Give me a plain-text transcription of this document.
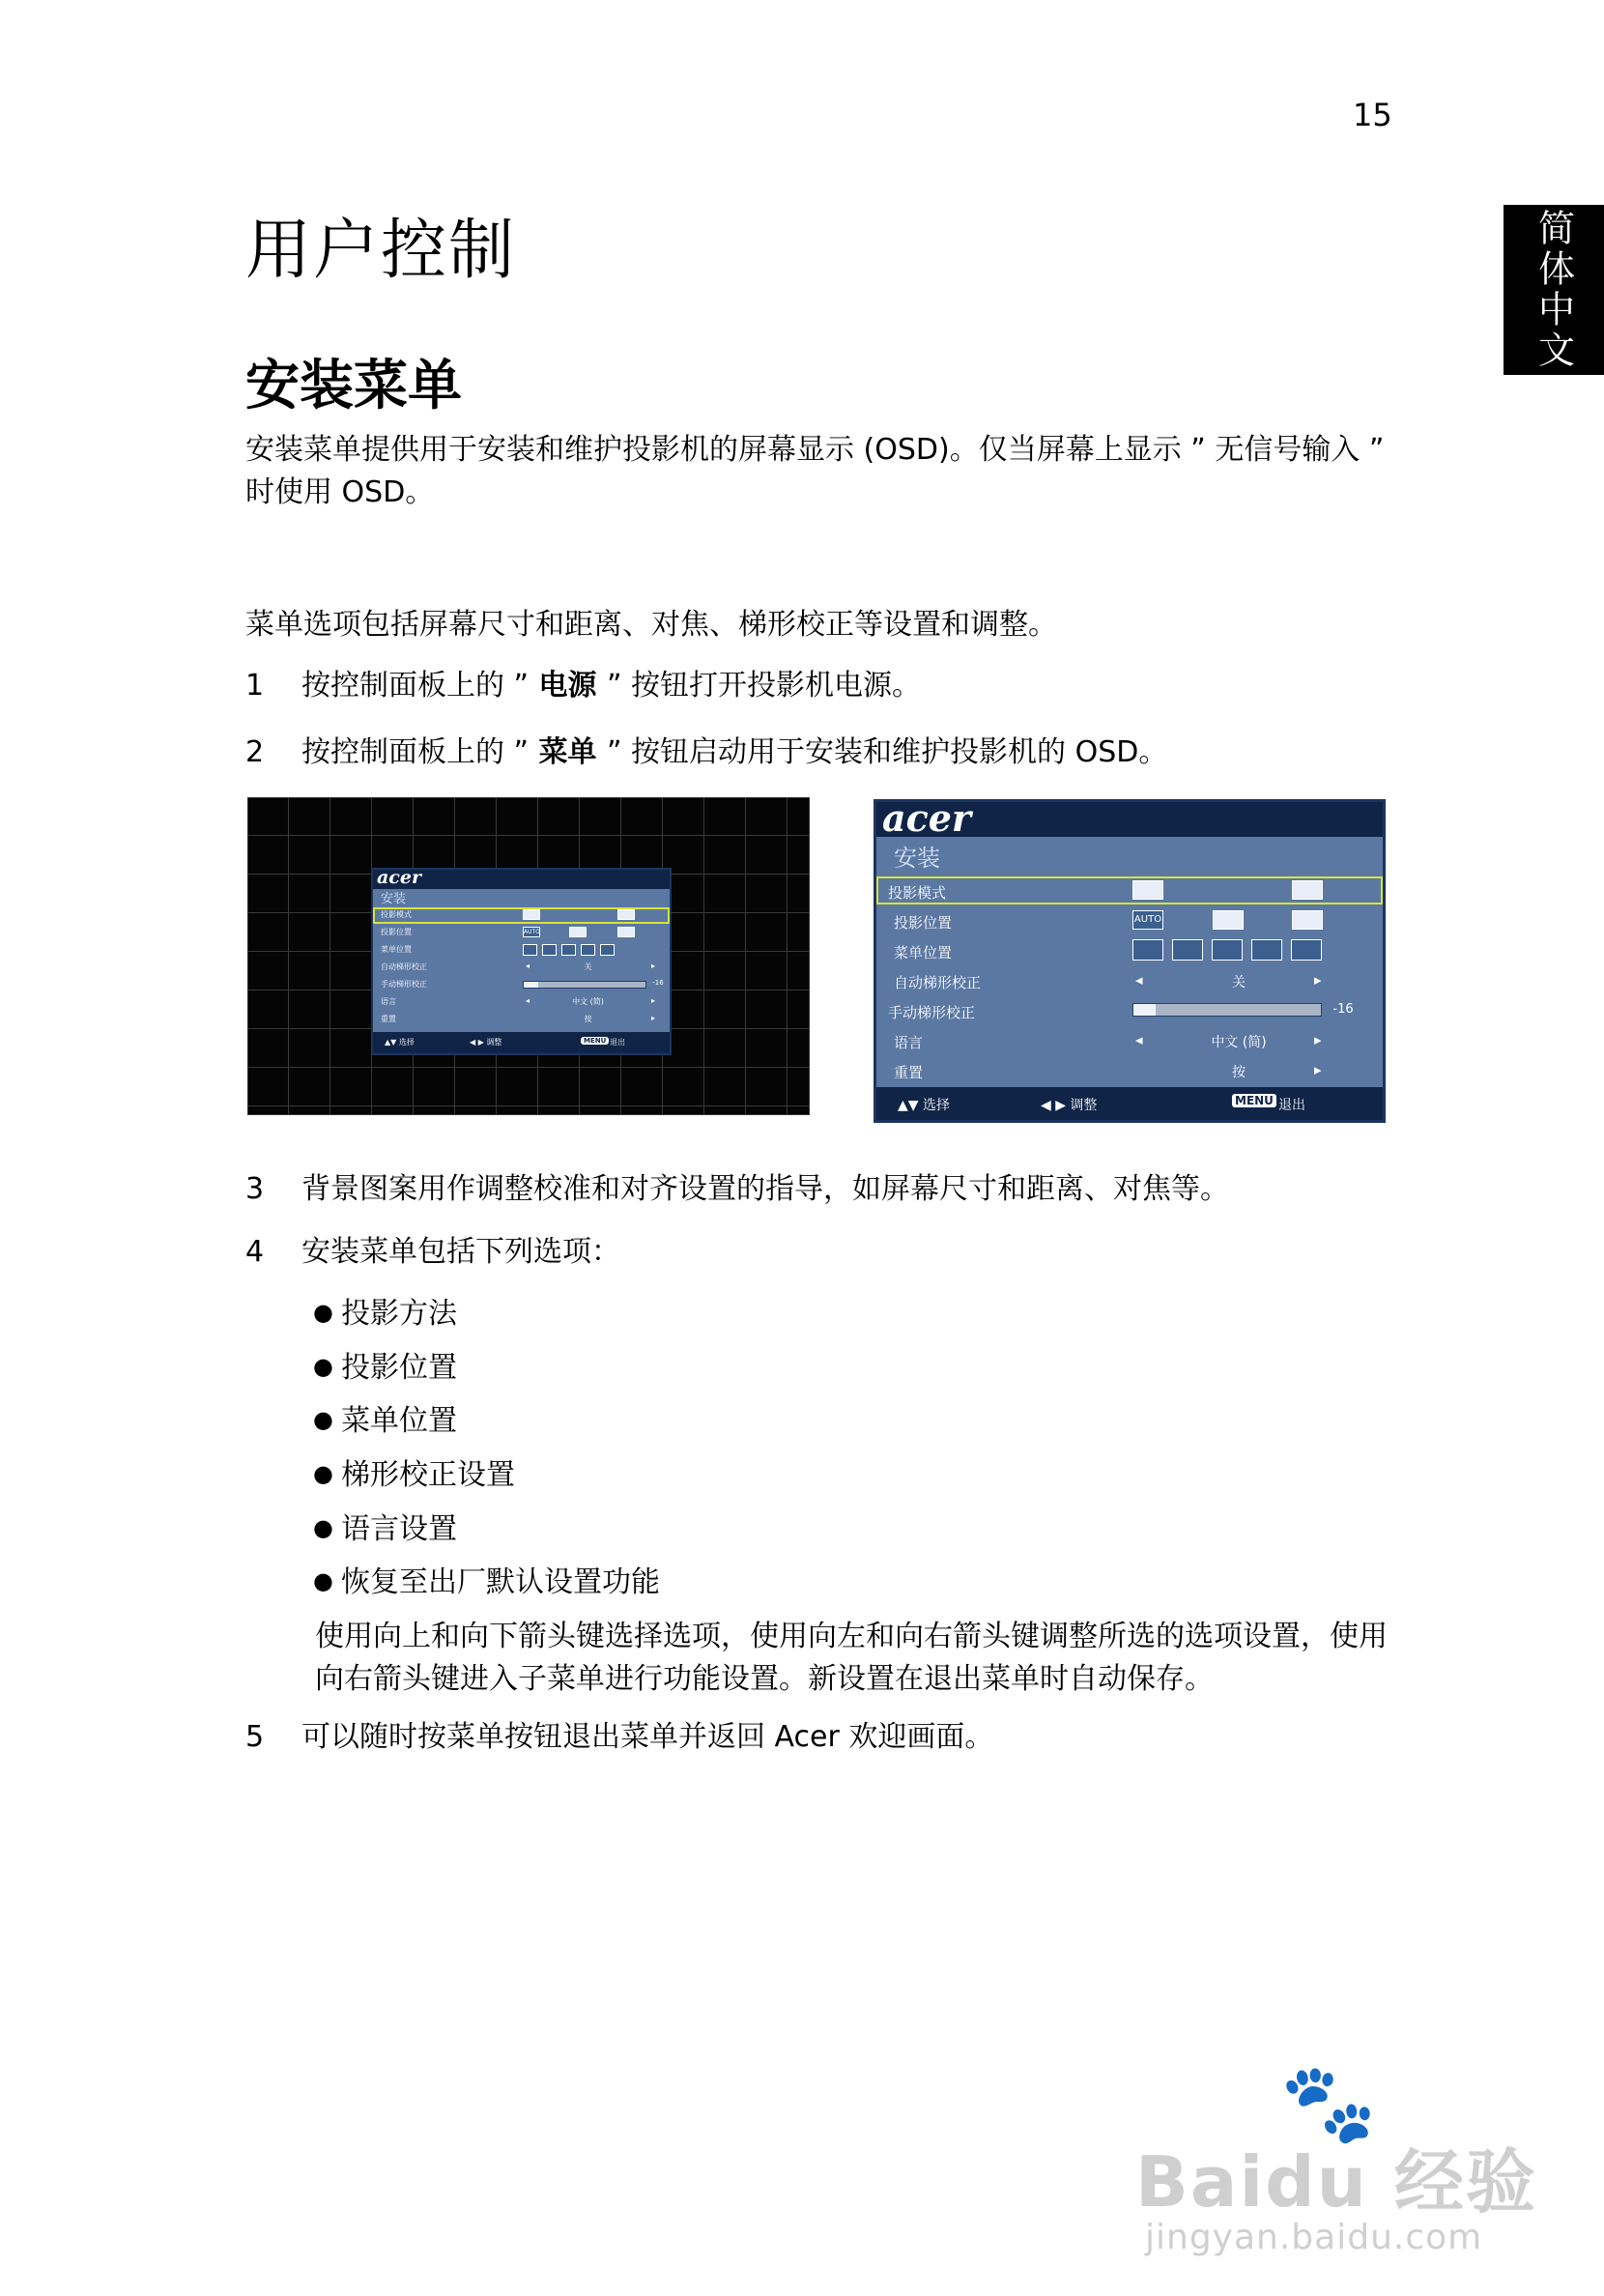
15
简体中文
用户控制
安装菜单

安装菜单提供用于安装和维护投影机的屏幕显示 (OSD)。仅当屏幕上显示 ” 无信号输入 ” 时使用 OSD。

菜单选项包括屏幕尺寸和距离、对焦、梯形校正等设置和调整。

1 按控制面板上的 ” 电源 ” 按钮打开投影机电源。
2 按控制面板上的 ” 菜单 ” 按钮启动用于安装和维护投影机的 OSD。
acer
安装
投影模式
投影位置	AUTO
菜单位置
自动梯形校正	◂	关	▸
手动梯形校正	-16
语言	◂	中文 (简)	▸
重置	按	▸
▲▼ 选择	◀ ▶ 调整	MENU 退出
acer
安装
投影模式
投影位置	AUTO
菜单位置
自动梯形校正	◂	关	▸
手动梯形校正	-16
语言	◂	中文 (简)	▸
重置	按	▸
▲▼ 选择	◀ ▶ 调整	MENU 退出
3 背景图案用作调整校准和对齐设置的指导，如屏幕尺寸和距离、对焦等。
4 安装菜单包括下列选项：
● 投影方法
● 投影位置
● 菜单位置
● 梯形校正设置
● 语言设置
● 恢复至出厂默认设置功能

使用向上和向下箭头键选择选项，使用向左和向右箭头键调整所选的选项设置，使用向右箭头键进入子菜单进行功能设置。新设置在退出菜单时自动保存。

5 可以随时按菜单按钮退出菜单并返回 Acer 欢迎画面。
🐾
Baidu 经验
jingyan.baidu.com
